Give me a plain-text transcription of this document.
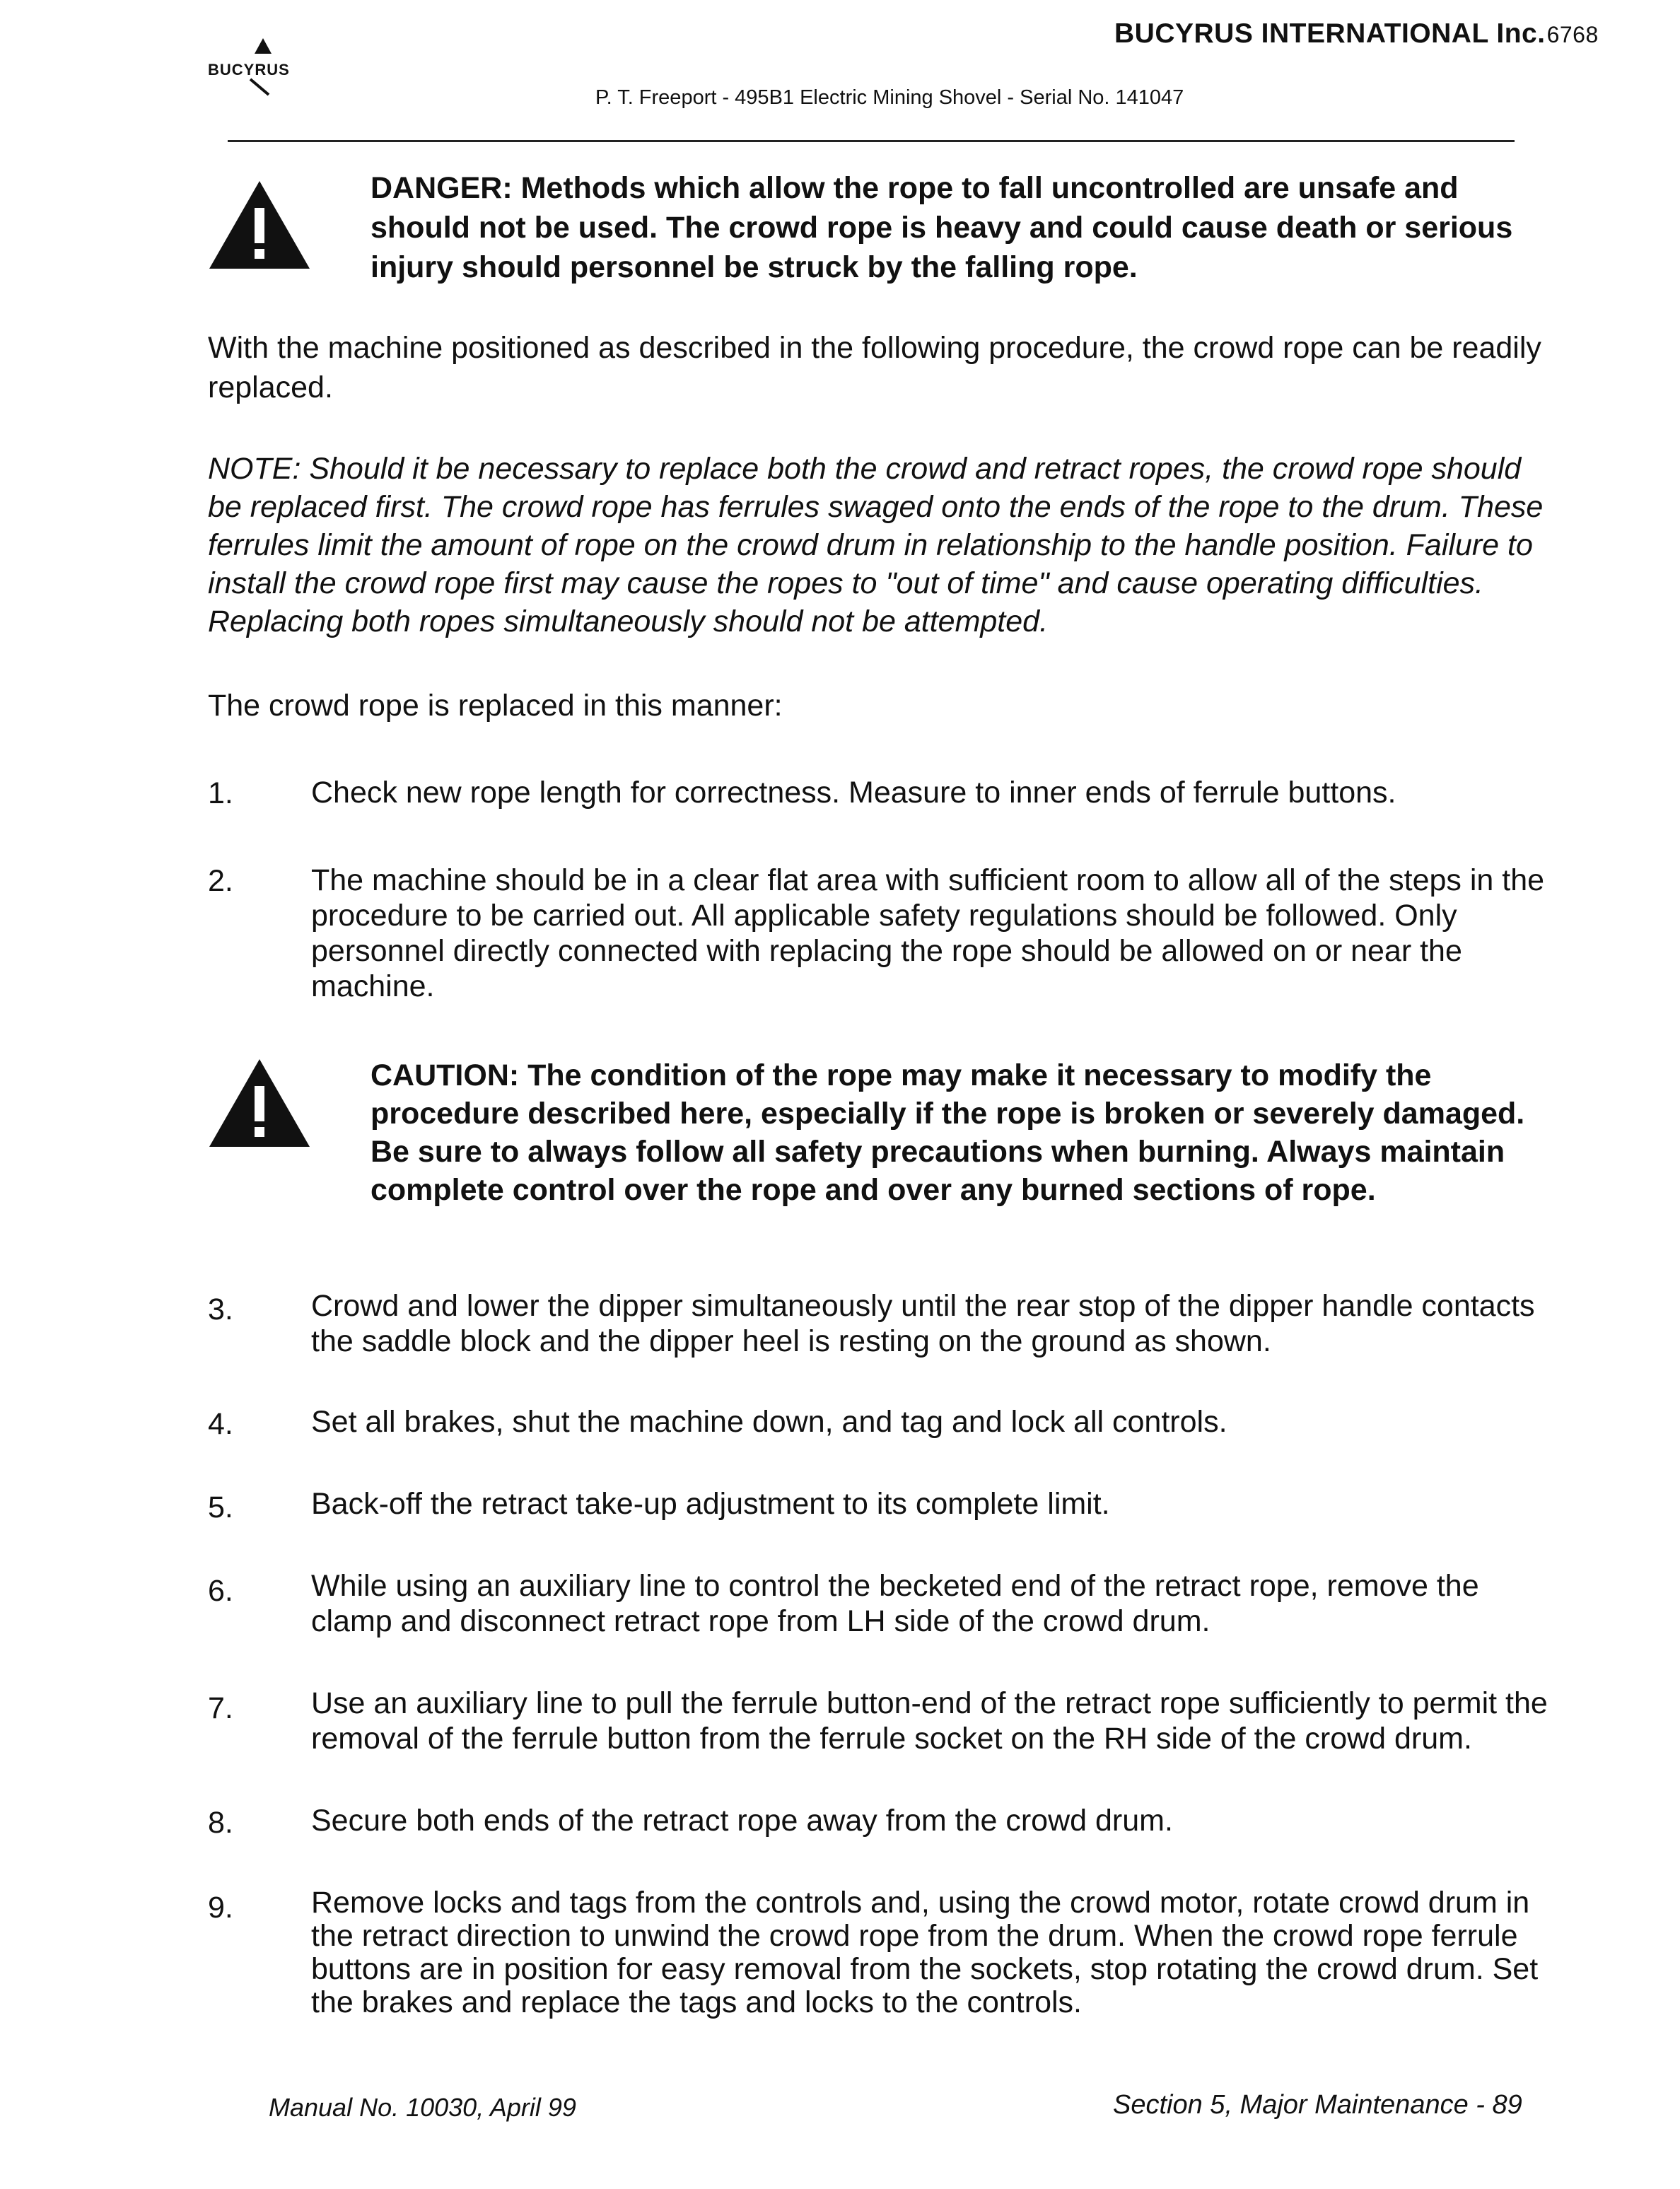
BUCYRUS
BUCYRUS INTERNATIONAL Inc.6768
P. T. Freeport - 495B1 Electric Mining Shovel - Serial No. 141047
DANGER: Methods which allow the rope to fall uncontrolled are unsafe and should not be used. The crowd rope is heavy and could cause death or serious injury should personnel be struck by the falling rope.
With the machine positioned as described in the following procedure, the crowd rope can be readily replaced.
NOTE: Should it be necessary to replace both the crowd and retract ropes, the crowd rope should be replaced first. The crowd rope has ferrules swaged onto the ends of the rope to the drum. These ferrules limit the amount of rope on the crowd drum in relationship to the handle position. Failure to install the crowd rope first may cause the ropes to "out of time" and cause operating difficulties. Replacing both ropes simultaneously should not be attempted.
The crowd rope is replaced in this manner:
1.	Check new rope length for correctness. Measure to inner ends of ferrule buttons.
2.	The machine should be in a clear flat area with sufficient room to allow all of the steps in the procedure to be carried out. All applicable safety regulations should be followed. Only personnel directly connected with replacing the rope should be allowed on or near the machine.
CAUTION: The condition of the rope may make it necessary to modify the procedure described here, especially if the rope is broken or severely damaged. Be sure to always follow all safety precautions when burning. Always maintain complete control over the rope and over any burned sections of rope.
3.	Crowd and lower the dipper simultaneously until the rear stop of the dipper handle contacts the saddle block and the dipper heel is resting on the ground as shown.
4.	Set all brakes, shut the machine down, and tag and lock all controls.
5.	Back-off the retract take-up adjustment to its complete limit.
6.	While using an auxiliary line to control the becketed end of the retract rope, remove the clamp and disconnect retract rope from LH side of the crowd drum.
7.	Use an auxiliary line to pull the ferrule button-end of the retract rope sufficiently to permit the removal of the ferrule button from the ferrule socket on the RH side of the crowd drum.
8.	Secure both ends of the retract rope away from the crowd drum.
9.	Remove locks and tags from the controls and, using the crowd motor, rotate crowd drum in the retract direction to unwind the crowd rope from the drum. When the crowd rope ferrule buttons are in position for easy removal from the sockets, stop rotating the crowd drum. Set the brakes and replace the tags and locks to the controls.
Manual No. 10030, April 99	Section 5, Major Maintenance - 89
